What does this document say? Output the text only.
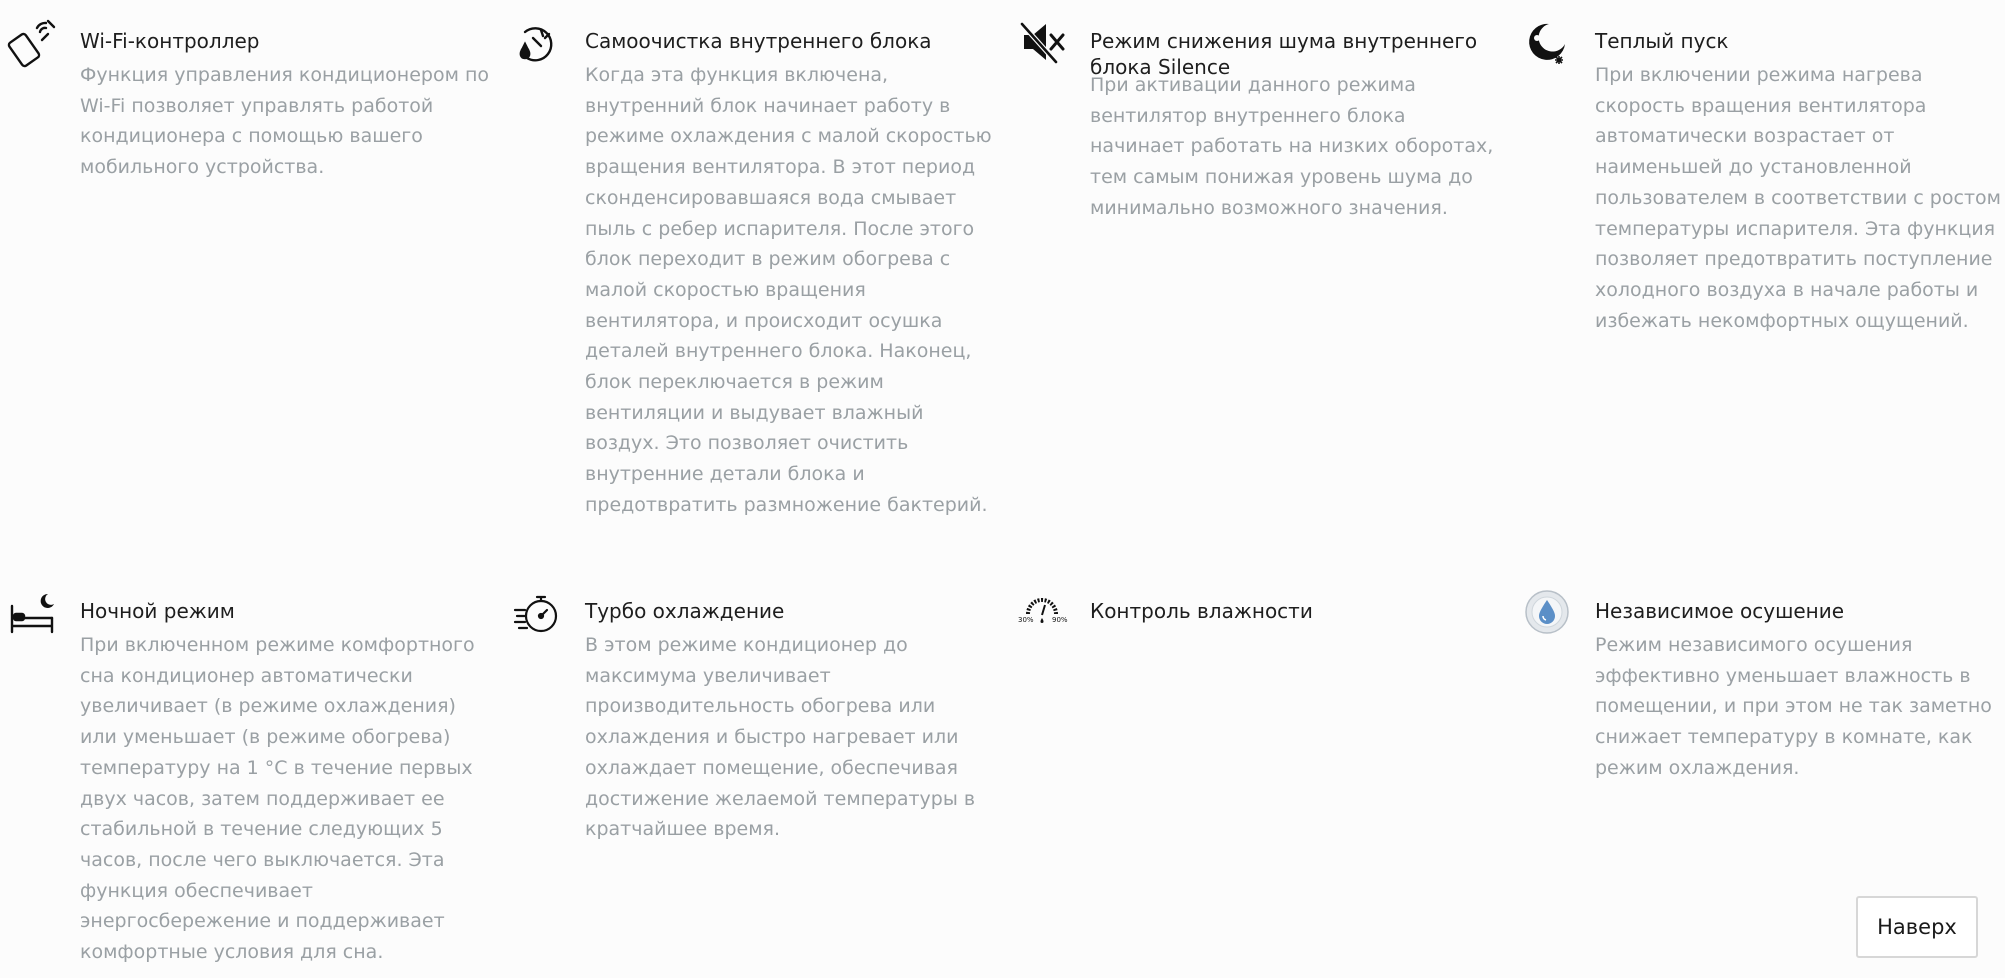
Wi-Fi-контроллер
Функция управления кондиционером по Wi-Fi позволяет управлять работой кондиционера с помощью вашего мобильного устройства.
Самоочистка внутреннего блока
Когда эта функция включена, внутренний блок начинает работу в режиме охлаждения с малой скоростью вращения вентилятора. В этот период сконденсировавшаяся вода смывает пыль с ребер испарителя. После этого блок переходит в режим обогрева с малой скоростью вращения вентилятора, и происходит осушка деталей внутреннего блока. Наконец, блок переключается в режим вентиляции и выдувает влажный воздух. Это позволяет очистить внутренние детали блока и предотвратить размножение бактерий.
Режим снижения шума внутреннего блока Silence
При активации данного режима вентилятор внутреннего блока начинает работать на низких оборотах, тем самым понижая уровень шума до минимально возможного значения.
Теплый пуск
При включении режима нагрева скорость вращения вентилятора автоматически возрастает от наименьшей до установленной пользователем в соответствии с ростом температуры испарителя. Эта функция позволяет предотвратить поступление холодного воздуха в начале работы и избежать некомфортных ощущений.
Ночной режим
При включенном режиме комфортного сна кондиционер автоматически увеличивает (в режиме охлаждения) или уменьшает (в режиме обогрева) температуру на 1 °C в течение первых двух часов, затем поддерживает ее стабильной в течение следующих 5 часов, после чего выключается. Эта функция обеспечивает энергосбережение и поддерживает комфортные условия для сна.
Турбо охлаждение
В этом режиме кондиционер до максимума увеличивает производительность обогрева или охлаждения и быстро нагревает или охлаждает помещение, обеспечивая достижение желаемой температуры в кратчайшее время.
30%	90% Контроль влажности	Независимое осушение
Режим независимого осушения эффективно уменьшает влажность в помещении, и при этом не так заметно снижает температуру в комнате, как режим охлаждения.
Наверх
